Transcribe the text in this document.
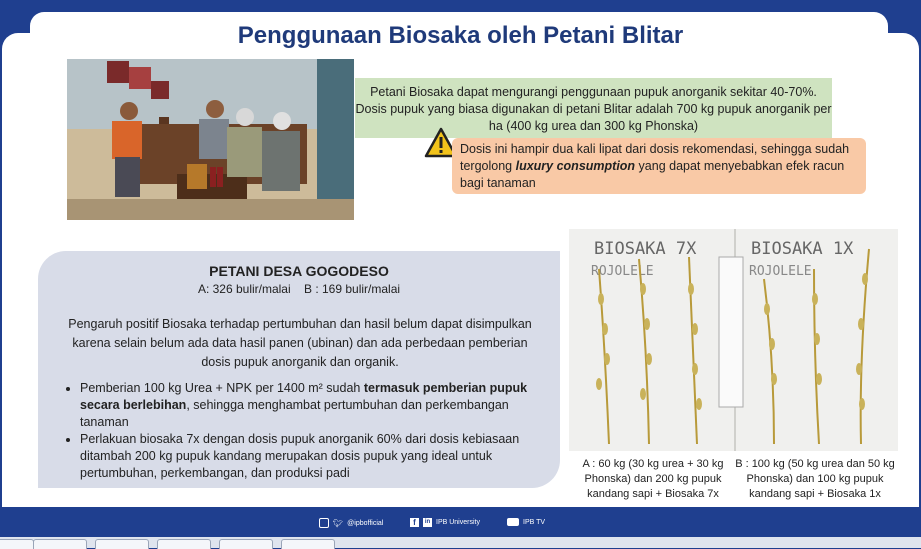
Penggunaan Biosaka oleh Petani Blitar
Petani Biosaka dapat mengurangi penggunaan pupuk anorganik sekitar 40-70%.
Dosis pupuk yang biasa digunakan di petani Blitar adalah 700 kg pupuk anorganik per ha (400 kg urea dan 300 kg Phonska)
Dosis ini hampir dua kali lipat dari dosis rekomendasi, sehingga sudah tergolong luxury consumption yang dapat menyebabkan efek racun bagi tanaman
PETANI DESA GOGODESO
A: 326 bulir/malai    B : 169 bulir/malai
Pengaruh positif Biosaka terhadap pertumbuhan dan hasil belum dapat disimpulkan karena selain belum ada data hasil panen (ubinan) dan ada perbedaan pemberian dosis pupuk anorganik dan organik.
• Pemberian 100 kg Urea + NPK per 1400 m² sudah termasuk pemberian pupuk secara berlebihan, sehingga menghambat pertumbuhan dan perkembangan tanaman
• Perlakuan biosaka 7x dengan dosis pupuk anorganik 60% dari dosis kebiasaan ditambah 200 kg pupuk kandang merupakan dosis pupuk yang ideal untuk pertumbuhan, perkembangan, dan produksi padi
BIOSAKA 7X
ROJOLELE
BIOSAKA 1X
ROJOLELE
A : 60 kg (30 kg urea + 30 kg Phonska) dan 200 kg pupuk kandang sapi + Biosaka 7x
B : 100 kg (50 kg urea dan 50 kg Phonska) dan 100 kg pupuk kandang sapi + Biosaka 1x
🐦︎ @ipbofficial	f	in IPB University	IPB TV
